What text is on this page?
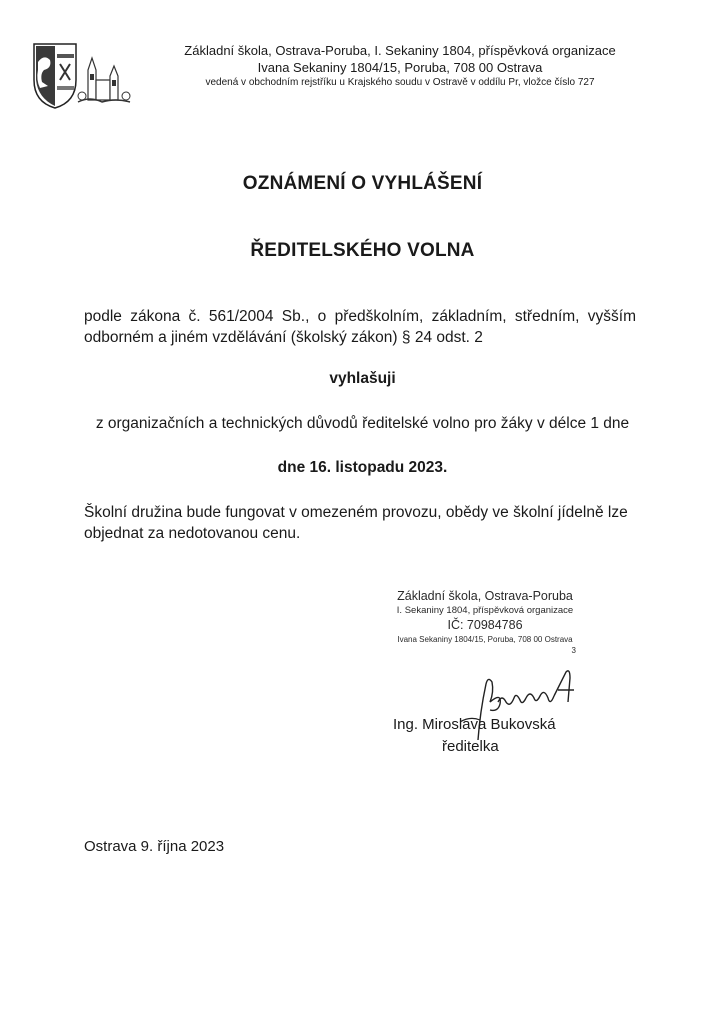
Základní škola, Ostrava-Poruba, I. Sekaniny 1804, příspěvková organizace
Ivana Sekaniny 1804/15, Poruba, 708 00 Ostrava
vedená v obchodním rejstříku u Krajského soudu v Ostravě v oddílu Pr, vložce číslo 727
OZNÁMENÍ O VYHLÁŠENÍ
ŘEDITELSKÉHO VOLNA
podle zákona č. 561/2004 Sb., o předškolním, základním, středním, vyšším odborném a jiném vzdělávání (školský zákon) § 24 odst. 2
vyhlašuji
z organizačních a technických důvodů ředitelské volno pro žáky v délce 1 dne
dne 16. listopadu 2023.
Školní družina bude fungovat v omezeném provozu, obědy ve školní jídelně lze objednat za nedotovanou cenu.
Základní škola, Ostrava-Poruba
I. Sekaniny 1804, příspěvková organizace
IČ: 70984786
Ivana Sekaniny 1804/15, Poruba, 708 00 Ostrava
3
Ing. Miroslava Bukovská
ředitelka
Ostrava 9. října 2023
